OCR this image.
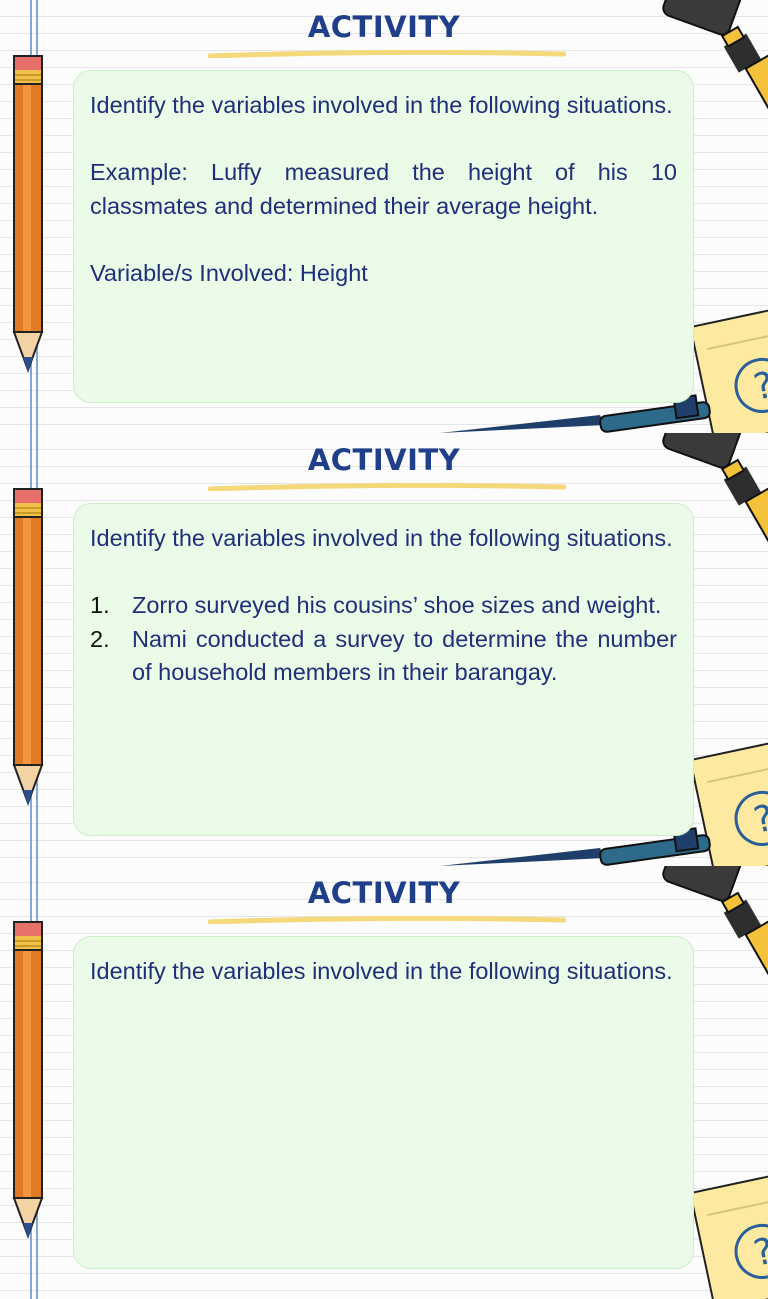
ACTIVITY

Identify the variables involved in the following situations.

Example: Luffy measured the height of his 10 classmates and determined their average height.

Variable/s Involved: Height

ACTIVITY

Identify the variables involved in the following situations.

1. Zorro surveyed his cousins’ shoe sizes and weight.
2. Nami conducted a survey to determine the number of household members in their barangay.
ACTIVITY

Identify the variables involved in the following situations.
